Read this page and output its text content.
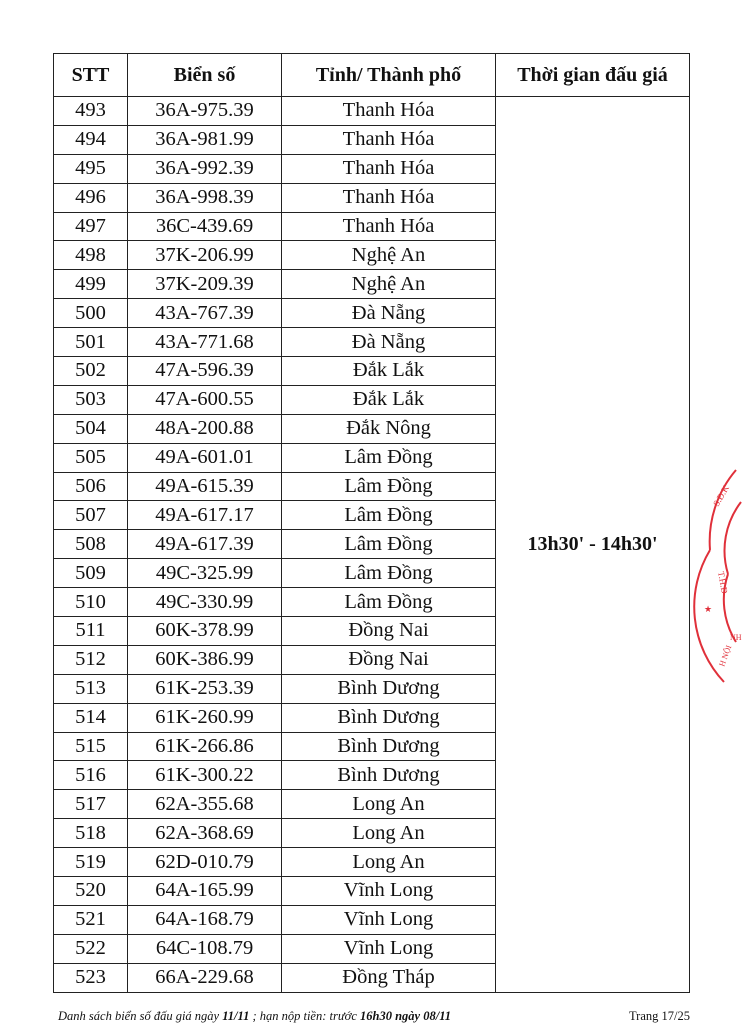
STT	Biển số	Tỉnh/ Thành phố	Thời gian đấu giá
493	36A-975.39	Thanh Hóa	13h30' - 14h30'
494	36A-981.99	Thanh Hóa	
495	36A-992.39	Thanh Hóa	
496	36A-998.39	Thanh Hóa	
497	36C-439.69	Thanh Hóa	
498	37K-206.99	Nghệ An	
499	37K-209.39	Nghệ An	
500	43A-767.39	Đà Nẵng	
501	43A-771.68	Đà Nẵng	
502	47A-596.39	Đắk Lắk	
503	47A-600.55	Đắk Lắk	
504	48A-200.88	Đắk Nông	
505	49A-601.01	Lâm Đồng	
506	49A-615.39	Lâm Đồng	
507	49A-617.17	Lâm Đồng	
508	49A-617.39	Lâm Đồng	
509	49C-325.99	Lâm Đồng	
510	49C-330.99	Lâm Đồng	
511	60K-378.99	Đồng Nai	
512	60K-386.99	Đồng Nai	
513	61K-253.39	Bình Dương	
514	61K-260.99	Bình Dương	
515	61K-266.86	Bình Dương	
516	61K-300.22	Bình Dương	
517	62A-355.68	Long An	
518	62A-368.69	Long An	
519	62D-010.79	Long An	
520	64A-165.99	Vĩnh Long	
521	64A-168.79	Vĩnh Long	
522	64C-108.79	Vĩnh Long	
523	66A-229.68	Đồng Tháp	
Danh sách biển số đấu giá ngày 11/11 ; hạn nộp tiền: trước 16h30 ngày 08/11	Trang 17/25
S.Đ.K
T.H.Đ
★
NH
H NỘI
